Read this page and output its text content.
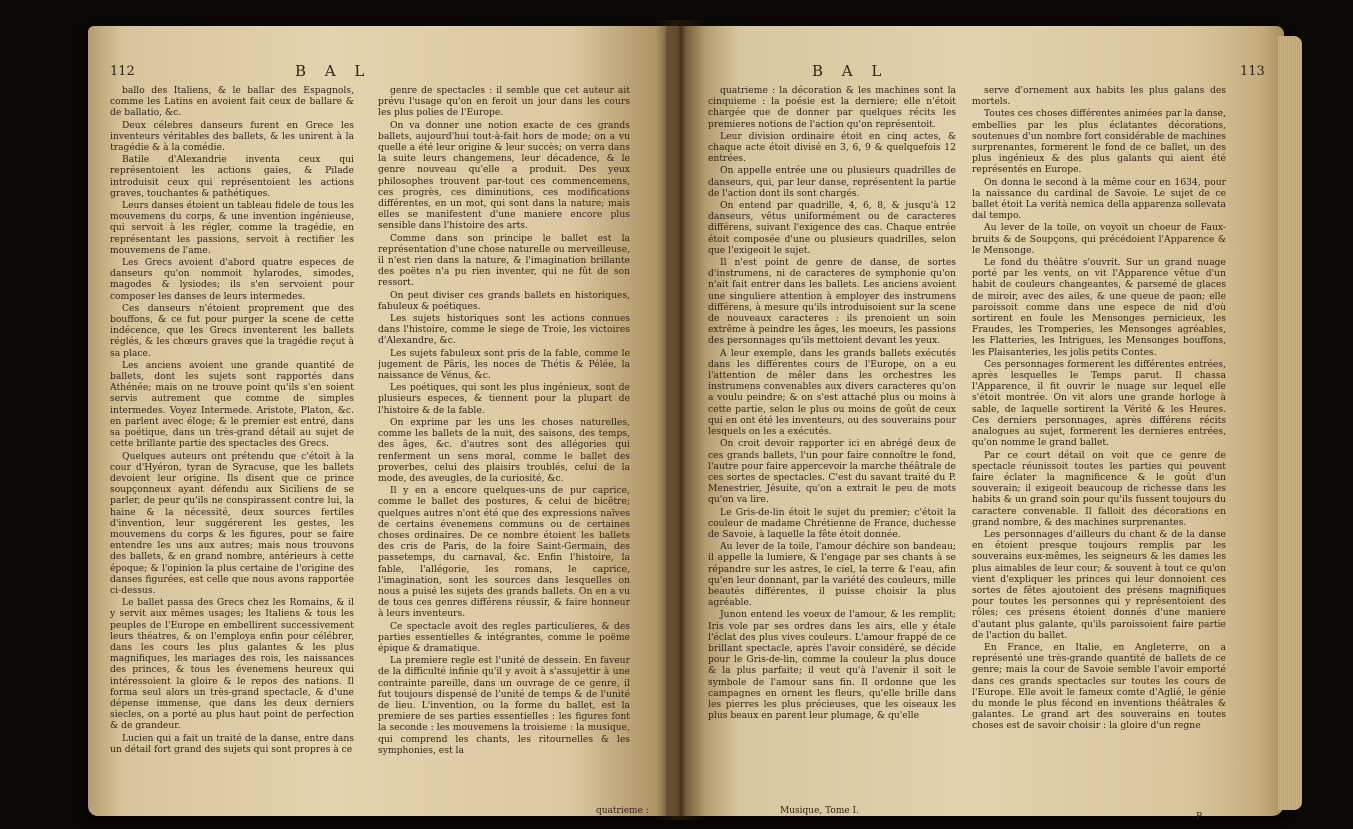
112	B A L

ballo des Italiens, & le ballar des Espagnols, comme les Latins en avoient fait ceux de ballare & de ballatio, &c.

Deux célebres danseurs furent en Grece les inventeurs véritables des ballets, & les unirent à la tragédie & à la comédie.

Batile d'Alexandrie inventa ceux qui représentoient les actions gaies, & Pilade introduisit ceux qui représentoient les actions graves, touchantes & pathétiques.

Leurs danses étoient un tableau fidele de tous les mouvemens du corps, & une invention ingénieuse, qui servoit à les régler, comme la tragédie, en représentant les passions, servoit à rectifier les mouvemens de l'ame.

Les Grecs avoient d'abord quatre especes de danseurs qu'on nommoit hylarodes, simodes, magodes & lysiodes; ils s'en servoient pour composer les danses de leurs intermedes.

Ces danseurs n'étoient proprement que des bouffons, & ce fut pour purger la scene de cette indécence, que les Grecs inventerent les ballets réglés, & les chœurs graves que la tragédie reçut à sa place.

Les anciens avoient une grande quantité de ballets, dont les sujets sont rapportés dans Athénée; mais on ne trouve point qu'ils s'en soient servis autrement que comme de simples intermedes. Voyez Intermede. Aristote, Platon, &c. en parlent avec éloge; & le premier est entré, dans sa poétique, dans un très-grand détail au sujet de cette brillante partie des spectacles des Grecs.

Quelques auteurs ont prétendu que c'étoit à la cour d'Hyéron, tyran de Syracuse, que les ballets devoient leur origine. Ils disent que ce prince soupçonneux ayant défendu aux Siciliens de se parler, de peur qu'ils ne conspirassent contre lui, la haine & la nécessité, deux sources fertiles d'invention, leur suggérerent les gestes, les mouvemens du corps & les figures, pour se faire entendre les uns aux autres; mais nous trouvons des ballets, & en grand nombre, antérieurs à cette époque; & l'opinion la plus certaine de l'origine des danses figurées, est celle que nous avons rapportée ci-dessus.

Le ballet passa des Grecs chez les Romains, & il y servit aux mêmes usages; les Italiens & tous les peuples de l'Europe en embellirent successivement leurs théatres, & on l'employa enfin pour célébrer, dans les cours les plus galantes & les plus magnifiques, les mariages des rois, les naissances des princes, & tous les évenemens heureux qui intéressoient la gloire & le repos des nations. Il forma seul alors un très-grand spectacle, & d'une dépense immense, que dans les deux derniers siecles, on a porté au plus haut point de perfection & de grandeur.

Lucien qui a fait un traité de la danse, entre dans un détail fort grand des sujets qui sont propres à ce

genre de spectacles : il semble que cet auteur ait prévu l'usage qu'on en feroit un jour dans les cours les plus polies de l'Europe.

On va donner une notion exacte de ces grands ballets, aujourd'hui tout-à-fait hors de mode; on a vu quelle a été leur origine & leur succès; on verra dans la suite leurs changemens, leur décadence, & le genre nouveau qu'elle a produit. Des yeux philosophes trouvent par-tout ces commencemens, ces progrès, ces diminutions, ces modifications différentes, en un mot, qui sont dans la nature; mais elles se manifestent d'une maniere encore plus sensible dans l'histoire des arts.

Comme dans son principe le ballet est la représentation d'une chose naturelle ou merveilleuse, il n'est rien dans la nature, & l'imagination brillante des poëtes n'a pu rien inventer, qui ne fût de son ressort.

On peut diviser ces grands ballets en historiques, fabuleux & poétiques.

Les sujets historiques sont les actions connues dans l'histoire, comme le siege de Troie, les victoires d'Alexandre, &c.

Les sujets fabuleux sont pris de la fable, comme le jugement de Pâris, les noces de Thétis & Pélée, la naissance de Vénus, &c.

Les poétiques, qui sont les plus ingénieux, sont de plusieurs especes, & tiennent pour la plupart de l'histoire & de la fable.

On exprime par les uns les choses naturelles, comme les ballets de la nuit, des saisons, des temps, des âges, &c. d'autres sont des allégories qui renferment un sens moral, comme le ballet des proverbes, celui des plaisirs troublés, celui de la mode, des aveugles, de la curiosité, &c.

Il y en a encore quelques-uns de pur caprice, comme le ballet des postures, & celui de bicêtre; quelques autres n'ont été que des expressions naïves de certains évenemens communs ou de certaines choses ordinaires. De ce nombre étoient les ballets des cris de Paris, de la foire Saint-Germain, des passetemps, du carnaval, &c. Enfin l'histoire, la fable, l'allégorie, les romans, le caprice, l'imagination, sont les sources dans lesquelles on nous a puisé les sujets des grands ballets. On en a vu de tous ces genres différens réussir, & faire honneur à leurs inventeurs.

Ce spectacle avoit des regles particulieres, & des parties essentielles & intégrantes, comme le poëme épique & dramatique.

La premiere regle est l'unité de dessein. En faveur de la difficulté infinie qu'il y avoit à s'assujettir à une contrainte pareille, dans un ouvrage de ce genre, il fut toujours dispensé de l'unité de temps & de l'unité de lieu. L'invention, ou la forme du ballet, est la premiere de ses parties essentielles : les figures font la seconde : les mouvemens la troisieme : la musique, qui comprend les chants, les ritournelles & les symphonies, est la

quatrieme :
B A L	113

quatrieme : la décoration & les machines sont la cinquieme : la poésie est la derniere; elle n'étoit chargée que de donner par quelques récits les premieres notions de l'action qu'on représentoit.

Leur division ordinaire étoit en cinq actes, & chaque acte étoit divisé en 3, 6, 9 & quelquefois 12 entrées.

On appelle entrée une ou plusieurs quadrilles de danseurs, qui, par leur danse, représentent la partie de l'action dont ils sont chargés.

On entend par quadrille, 4, 6, 8, & jusqu'à 12 danseurs, vêtus uniformément ou de caracteres différens, suivant l'exigence des cas. Chaque entrée étoit composée d'une ou plusieurs quadrilles, selon que l'exigeoit le sujet.

Il n'est point de genre de danse, de sortes d'instrumens, ni de caracteres de symphonie qu'on n'ait fait entrer dans les ballets. Les anciens avoient une singuliere attention à employer des instrumens différens, à mesure qu'ils introduisoient sur la scene de nouveaux caracteres : ils prenoient un soin extrême à peindre les âges, les moeurs, les passions des personnages qu'ils mettoient devant les yeux.

A leur exemple, dans les grands ballets exécutés dans les différentes cours de l'Europe, on a eu l'attention de mêler dans les orchestres les instrumens convenables aux divers caracteres qu'on a voulu peindre; & on s'est attaché plus ou moins à cette partie, selon le plus ou moins de goût de ceux qui en ont été les inventeurs, ou des souverains pour lesquels on les a exécutés.

On croit devoir rapporter ici en abrégé deux de ces grands ballets, l'un pour faire connoître le fond, l'autre pour faire appercevoir la marche théâtrale de ces sortes de spectacles. C'est du savant traité du P. Menestrier, Jésuite, qu'on a extrait le peu de mots qu'on va lire.

Le Gris-de-lin étoit le sujet du premier; c'étoit la couleur de madame Chrétienne de France, duchesse de Savoie, à laquelle la fête étoit donnée.

Au lever de la toile, l'amour déchire son bandeau; il appelle la lumiere, & l'engage par ses chants à se répandre sur les astres, le ciel, la terre & l'eau, afin qu'en leur donnant, par la variété des couleurs, mille beautés différentes, il puisse choisir la plus agréable.

Junon entend les voeux de l'amour, & les remplit; Iris vole par ses ordres dans les airs, elle y étale l'éclat des plus vives couleurs. L'amour frappé de ce brillant spectacle, après l'avoir considéré, se décide pour le Gris-de-lin, comme la couleur la plus douce & la plus parfaite; il veut qu'à l'avenir il soit le symbole de l'amour sans fin. Il ordonne que les campagnes en ornent les fleurs, qu'elle brille dans les pierres les plus précieuses, que les oiseaux les plus beaux en parent leur plumage, & qu'elle

serve d'ornement aux habits les plus galans des mortels.

Toutes ces choses différentes animées par la danse, embellies par les plus éclatantes décorations, soutenues d'un nombre fort considérable de machines surprenantes, formerent le fond de ce ballet, un des plus ingénieux & des plus galants qui aient été représentés en Europe.

On donna le second à la même cour en 1634, pour la naissance du cardinal de Savoie. Le sujet de ce ballet étoit La verità nemica della apparenza sollevata dal tempo.

Au lever de la toile, on voyoit un choeur de Faux-bruits & de Soupçons, qui précédoient l'Apparence & le Mensonge.

Le fond du théâtre s'ouvrit. Sur un grand nuage porté par les vents, on vit l'Apparence vêtue d'un habit de couleurs changeantes, & parsemé de glaces de miroir, avec des ailes, & une queue de paon; elle paroissoit comme dans une espece de nid d'où sortirent en foule les Mensonges pernicieux, les Fraudes, les Tromperies, les Mensonges agréables, les Flatteries, les Intrigues, les Mensonges bouffons, les Plaisanteries, les jolis petits Contes.

Ces personnages formerent les différentes entrées, après lesquelles le Temps parut. Il chassa l'Apparence, il fit ouvrir le nuage sur lequel elle s'étoit montrée. On vit alors une grande horloge à sable, de laquelle sortirent la Vérité & les Heures. Ces derniers personnages, après différens récits analogues au sujet, formerent les dernieres entrées, qu'on nomme le grand ballet.

Par ce court détail on voit que ce genre de spectacle réunissoit toutes les parties qui peuvent faire éclater la magnificence & le goût d'un souverain; il exigeoit beaucoup de richesse dans les habits & un grand soin pour qu'ils fussent toujours du caractere convenable. Il falloit des décorations en grand nombre, & des machines surprenantes.

Les personnages d'ailleurs du chant & de la danse en étoient presque toujours remplis par les souverains eux-mêmes, les seigneurs & les dames les plus aimables de leur cour; & souvent à tout ce qu'on vient d'expliquer les princes qui leur donnoient ces sortes de fêtes ajoutoient des présens magnifiques pour toutes les personnes qui y représentoient des rôles; ces présens étoient donnés d'une maniere d'autant plus galante, qu'ils paroissoient faire partie de l'action du ballet.

En France, en Italie, en Angleterre, on a représenté une très-grande quantité de ballets de ce genre; mais la cour de Savoie semble l'avoir emporté dans ces grands spectacles sur toutes les cours de l'Europe. Elle avoit le fameux comte d'Aglié, le génie du monde le plus fécond en inventions théâtrales & galantes. Le grand art des souverains en toutes choses est de savoir choisir : la gloire d'un regne

Musique, Tome I.
P
